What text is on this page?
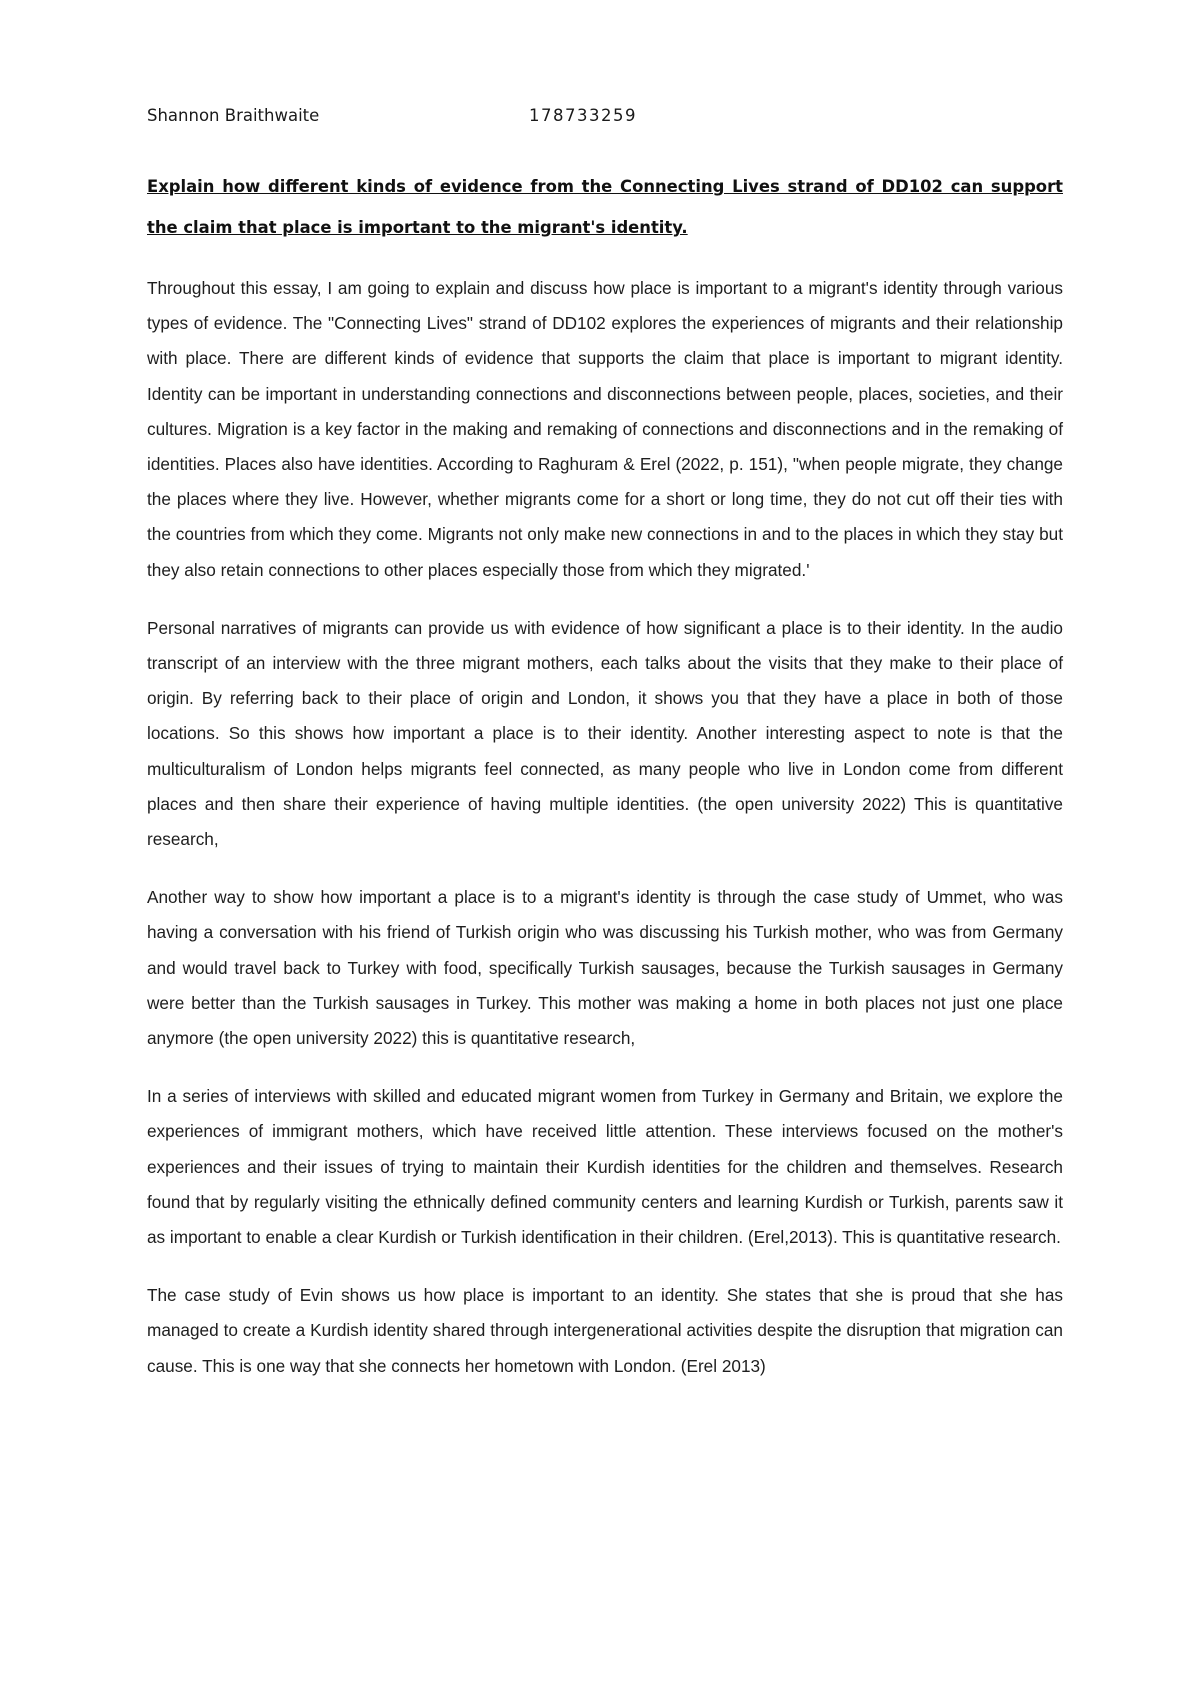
Shannon Braithwaite	178733259

Explain how different kinds of evidence from the Connecting Lives strand of DD102 can support the claim that place is important to the migrant's identity.

Throughout this essay, I am going to explain and discuss how place is important to a migrant's identity through various types of evidence. The "Connecting Lives" strand of DD102 explores the experiences of migrants and their relationship with place. There are different kinds of evidence that supports the claim that place is important to migrant identity. Identity can be important in understanding connections and disconnections between people, places, societies, and their cultures. Migration is a key factor in the making and remaking of connections and disconnections and in the remaking of identities. Places also have identities. According to Raghuram & Erel (2022, p. 151), "when people migrate, they change the places where they live. However, whether migrants come for a short or long time, they do not cut off their ties with the countries from which they come. Migrants not only make new connections in and to the places in which they stay but they also retain connections to other places especially those from which they migrated.'

Personal narratives of migrants can provide us with evidence of how significant a place is to their identity. In the audio transcript of an interview with the three migrant mothers, each talks about the visits that they make to their place of origin. By referring back to their place of origin and London, it shows you that they have a place in both of those locations. So this shows how important a place is to their identity. Another interesting aspect to note is that the multiculturalism of London helps migrants feel connected, as many people who live in London come from different places and then share their experience of having multiple identities. (the open university 2022) This is quantitative research,

Another way to show how important a place is to a migrant's identity is through the case study of Ummet, who was having a conversation with his friend of Turkish origin who was discussing his Turkish mother, who was from Germany and would travel back to Turkey with food, specifically Turkish sausages, because the Turkish sausages in Germany were better than the Turkish sausages in Turkey. This mother was making a home in both places not just one place anymore (the open university 2022) this is quantitative research,

In a series of interviews with skilled and educated migrant women from Turkey in Germany and Britain, we explore the experiences of immigrant mothers, which have received little attention. These interviews focused on the mother's experiences and their issues of trying to maintain their Kurdish identities for the children and themselves. Research found that by regularly visiting the ethnically defined community centers and learning Kurdish or Turkish, parents saw it as important to enable a clear Kurdish or Turkish identification in their children. (Erel,2013). This is quantitative research.

The case study of Evin shows us how place is important to an identity. She states that she is proud that she has managed to create a Kurdish identity shared through intergenerational activities despite the disruption that migration can cause. This is one way that she connects her hometown with London. (Erel 2013)
